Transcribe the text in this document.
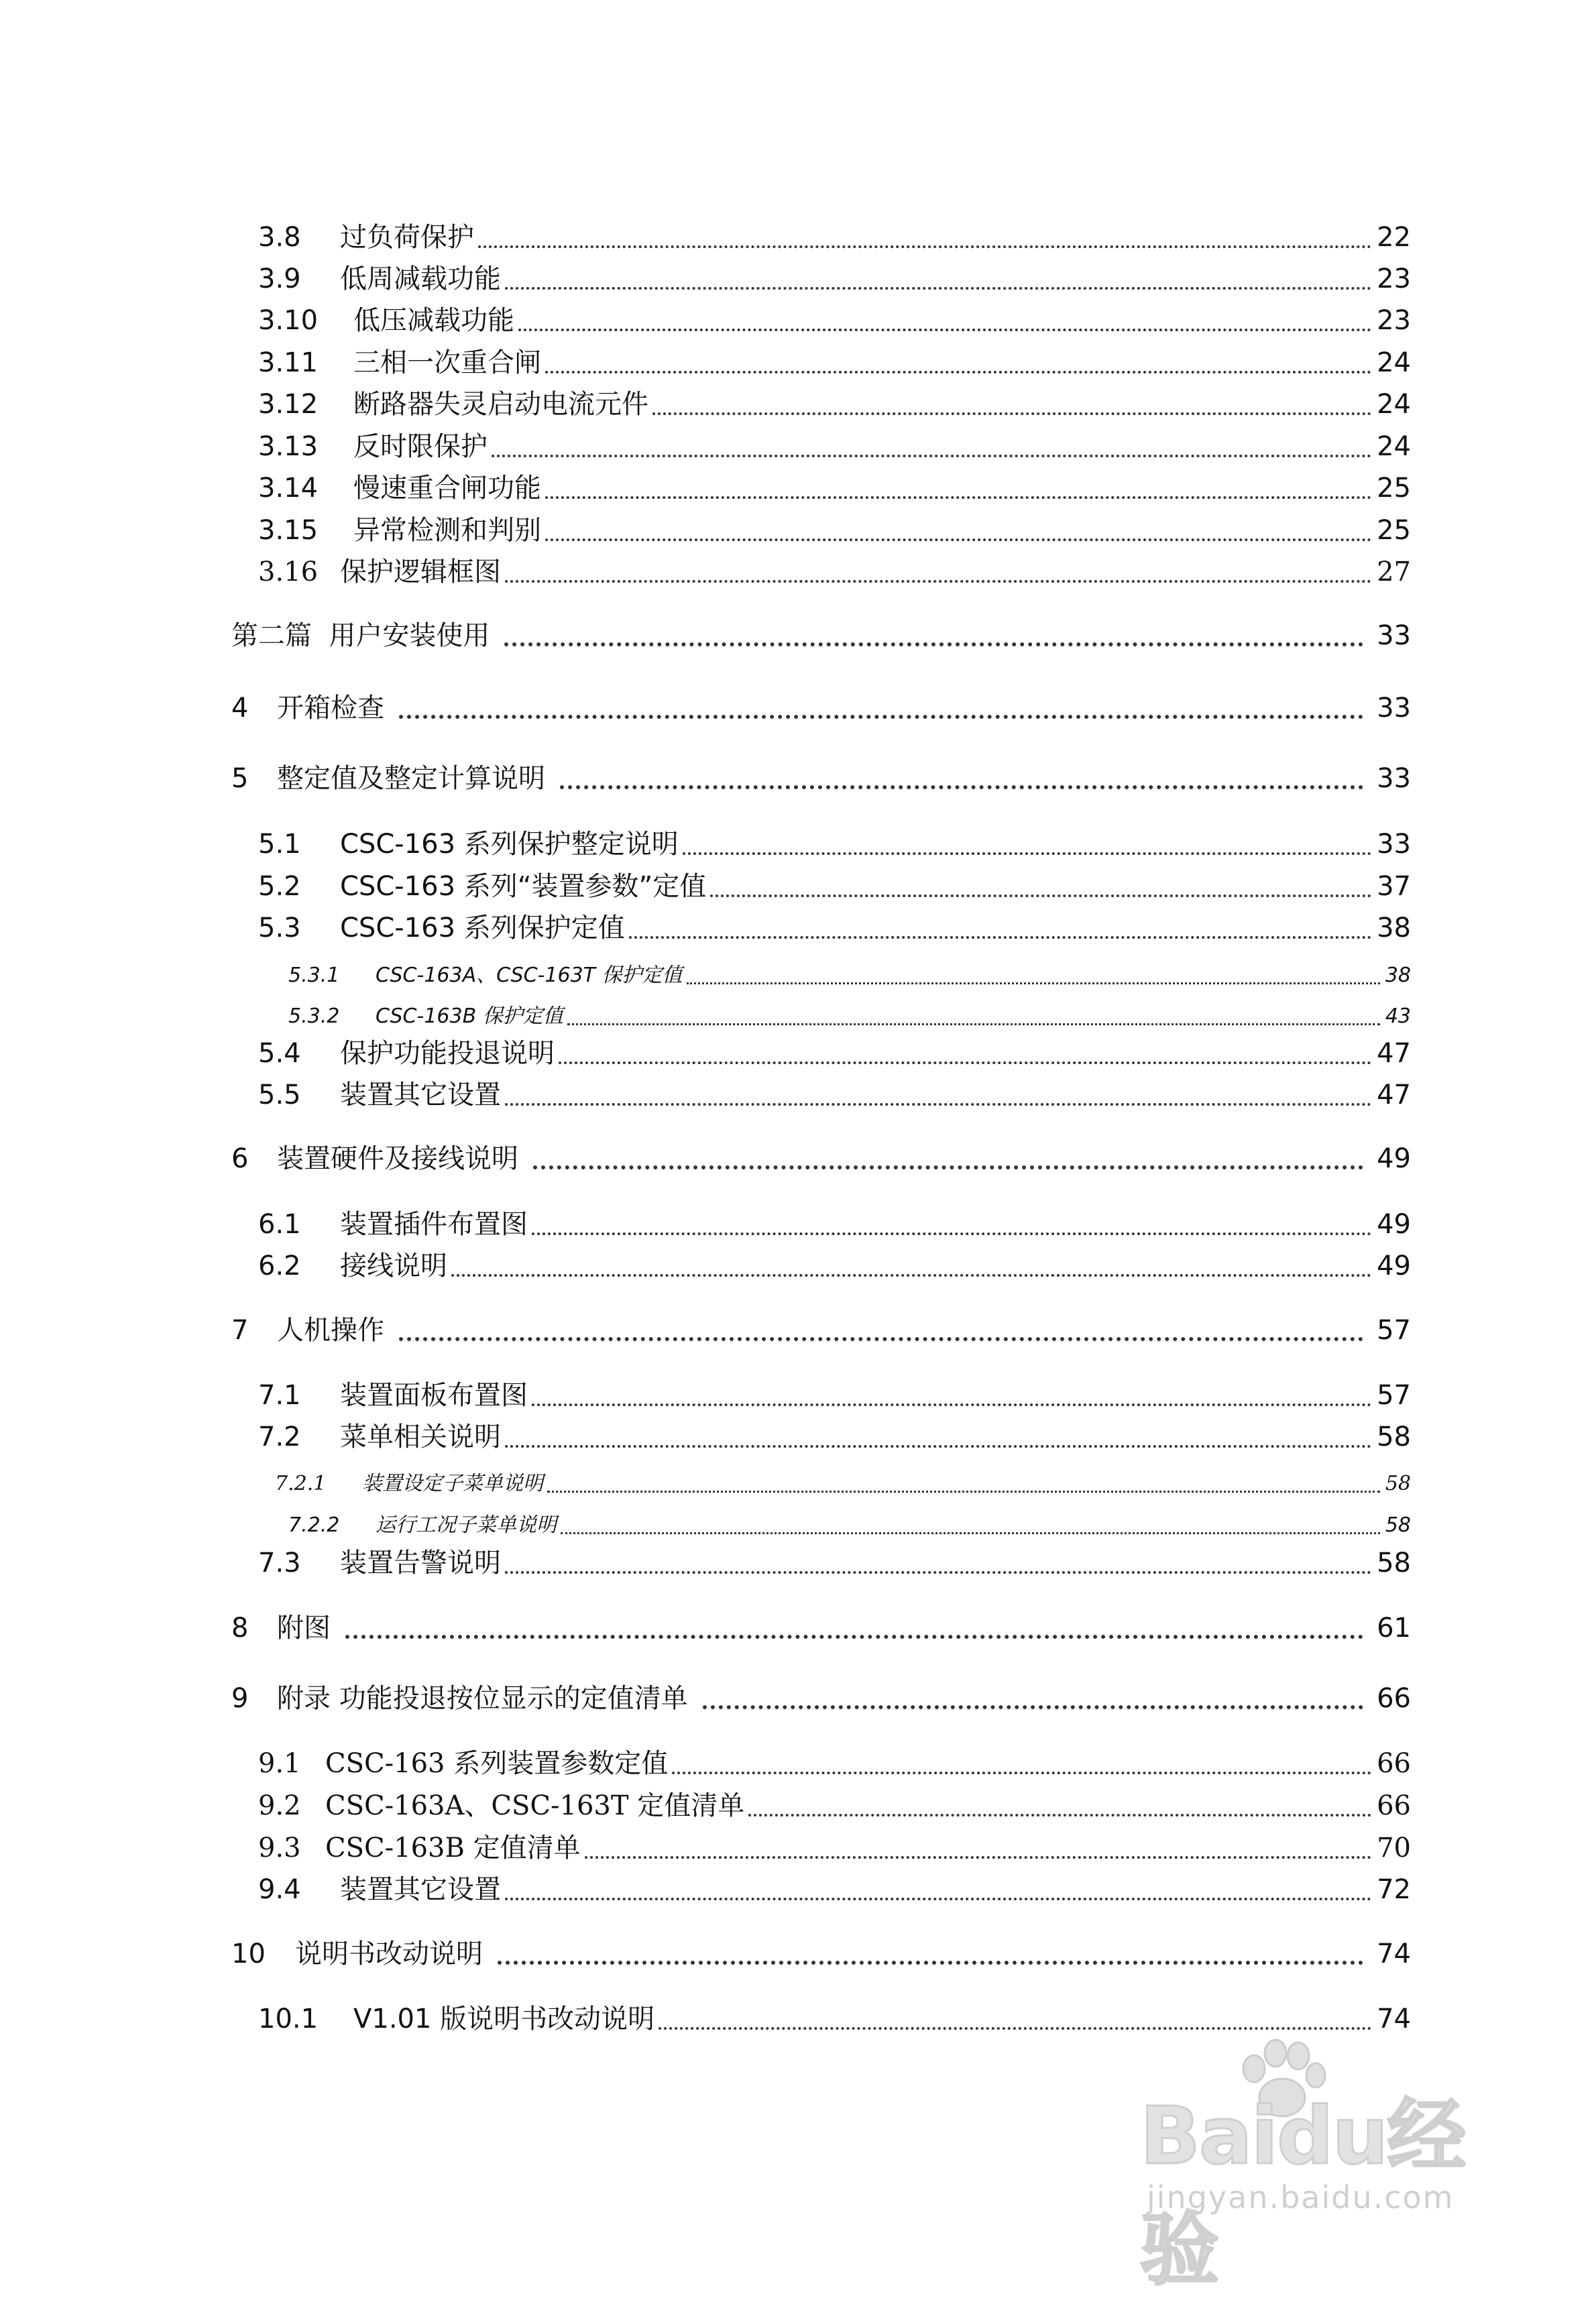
3.8	过负荷保护	22
3.9	低周减载功能	23
3.10	低压减载功能	23
3.11	三相一次重合闸	24
3.12	断路器失灵启动电流元件	24
3.13	反时限保护	24
3.14	慢速重合闸功能	25
3.15	异常检测和判别	25
3.16 保护逻辑框图	27
第二篇  用户安装使用	33
4	开箱检查	33
5	整定值及整定计算说明	33
5.1	CSC-163 系列保护整定说明	33
5.2	CSC-163 系列“装置参数”定值	37
5.3	CSC-163 系列保护定值	38
5.3.1	CSC-163A、CSC-163T 保护定值	38
5.3.2	CSC-163B 保护定值	43
5.4	保护功能投退说明	47
5.5	装置其它设置	47
6	装置硬件及接线说明	49
6.1	装置插件布置图	49
6.2	接线说明	49
7	人机操作	57
7.1	装置面板布置图	57
7.2	菜单相关说明	58
7.2.1	装置设定子菜单说明	58
7.2.2	运行工况子菜单说明	58
7.3	装置告警说明	58
8	附图	61
9	附录 功能投退按位显示的定值清单	66
9.1 CSC-163 系列装置参数定值	66
9.2 CSC-163A、CSC-163T 定值清单	66
9.3 CSC-163B 定值清单	70
9.4	装置其它设置	72
10	说明书改动说明	74
10.1	V1.01 版说明书改动说明	74
Baidu经验
jingyan.baidu.com
